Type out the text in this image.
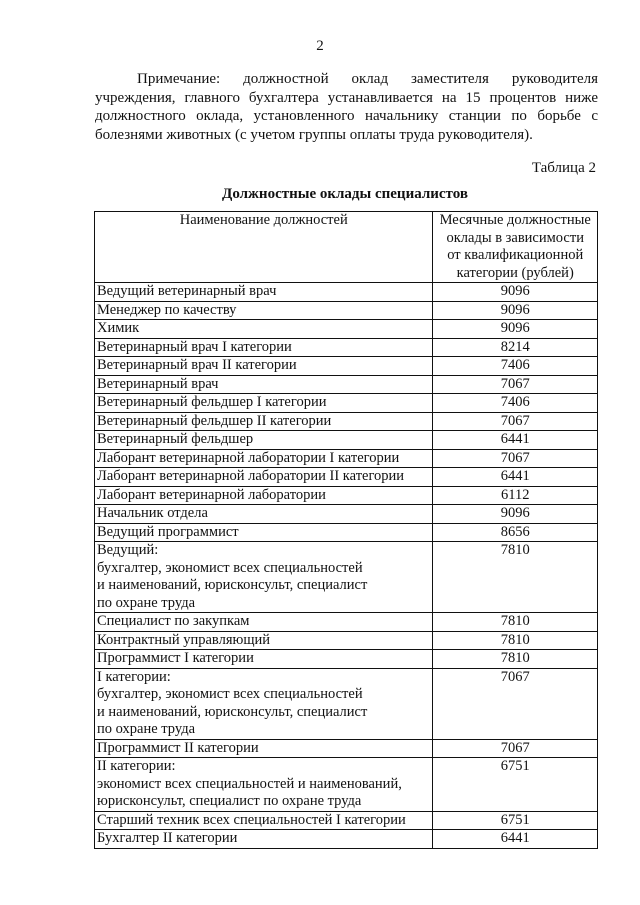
2

Примечание: должностной оклад заместителя руководителя учреждения, главного бухгалтера устанавливается на 15 процентов ниже должностного оклада, установленного начальнику станции по борьбе с болезнями животных (с учетом группы оплаты труда руководителя).

Таблица 2
Должностные оклады специалистов
Наименование должностей	Месячные должностные
оклады в зависимости
от квалификационной
категории (рублей)

Ведущий ветеринарный врач	9096

Менеджер по качеству	9096

Химик	9096

Ветеринарный врач I категории	8214

Ветеринарный врач II категории	7406

Ветеринарный врач	7067

Ветеринарный фельдшер I категории	7406

Ветеринарный фельдшер II категории	7067

Ветеринарный фельдшер	6441

Лаборант ветеринарной лаборатории I категории	7067

Лаборант ветеринарной лаборатории II категории	6441

Лаборант ветеринарной лаборатории	6112

Начальник отдела	9096

Ведущий программист	8656

Ведущий:
бухгалтер, экономист всех специальностей
и наименований, юрисконсульт, специалист
по охране труда	7810

Специалист по закупкам	7810

Контрактный управляющий	7810

Программист I категории	7810

I категории:
бухгалтер, экономист всех специальностей
и наименований, юрисконсульт, специалист
по охране труда	7067

Программист II категории	7067

II категории:
экономист всех специальностей и наименований,
юрисконсульт, специалист по охране труда	6751

Старший техник всех специальностей I категории	6751

Бухгалтер II категории	6441
